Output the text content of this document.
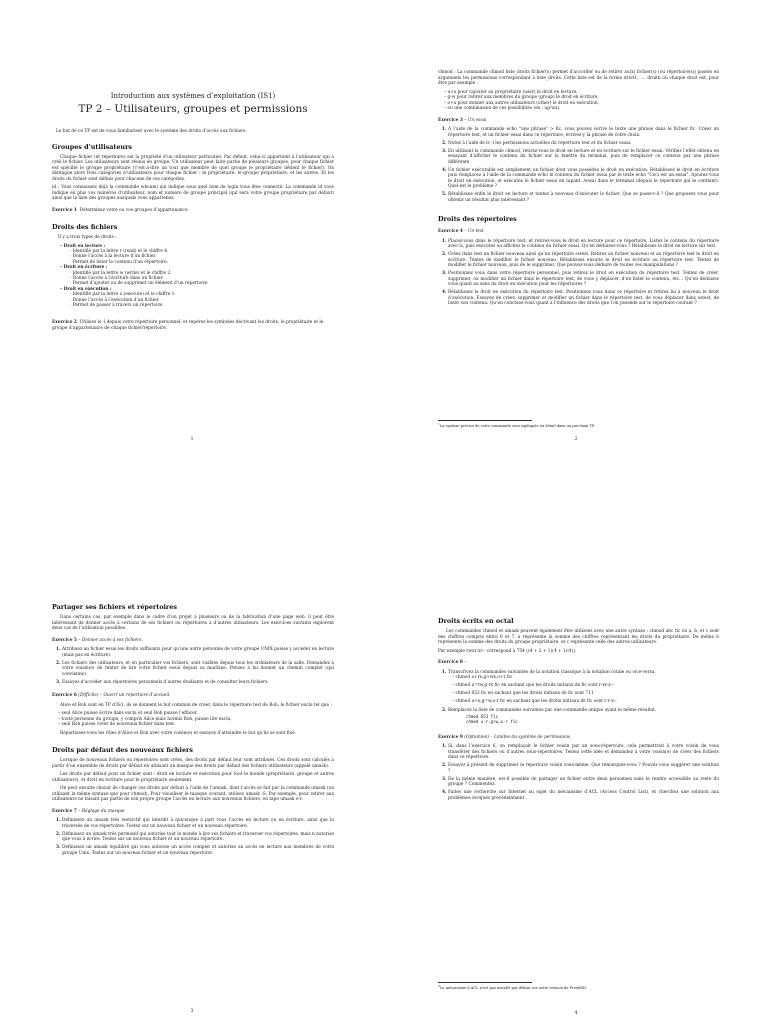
Introduction aux systèmes d’exploitation (IS1)
TP 2 – Utilisateurs, groupes et permissions
Le but de ce TP est de vous familiariser avec le système des droits d’accès aux fichiers.
Groupes d’utilisateurs

Chaque fichier (et répertoire) est la propriété d’un utilisateur particulier. Par défaut, celui-ci appartient à l’utilisateur qui a créé le fichier. Les utilisateurs sont réunis en groupe. Un utilisateur peut faire partie de plusieurs groupes, pour chaque fichier est spécifié le groupe propriétaire (c’est-à-dire un tout que membre de quel groupe le propriétaire détient le fichier). On distingue alors trois catégories d’utilisateurs pour chaque fichier : le propriétaire, le groupe propriétaire, et les autres. Et les droits du fichier sont définis pour chacune de ces catégories.

id : Vous connaissez déjà la commande whoami qui indique sous quel nom de login vous êtes connecté. La commande id vous indique en plus vos numéros d’utilisateur, nom et numéro de groupe principal (qui sera votre groupe propriétaire par défaut) ainsi que la liste des groupes auxquels vous appartenez.

Exercice 1 Déterminez votre ou vos groupes d’appartenance.
Droits des fichiers

Il y a trois types de droits :

– Droit en lecture :
· Identifié par la lettre r (read) et le chiffre 4.
· Donne l’accès à la lecture d’un fichier.
· Permet de lister le contenu d’un répertoire.
– Droit en écriture :
· Identifié par la lettre w (write) et le chiffre 2.
· Donne l’accès à l’écriture dans un fichier.
· Permet d’ajouter ou de supprimer un élément d’un répertoire.
– Droit en exécution :
· Identifié par la lettre x (execute) et le chiffre 1.
· Donne l’accès à l’exécution d’un fichier.
· Permet de passer à travers un répertoire.
Exercice 2 Utilisez ls -l depuis votre répertoire personnel, et repérez les symboles décrivant les droits, le propriétaire et le groupe d’appartenance de chaque fichier/répertoire.
1

chmod : La commande chmod liste_droits fichier(s) permet d’accorder ou de retirer au(x) fichier(s) (ou répertoire(s)) passés en arguments les permissions correspondant à liste_droits. Cette liste est de la forme droit1, ..., droitn où chaque droit est, pour être par exemple :

– u+x pour rajouter au propriétaire (user) le droit en lecture,
– g-w pour retirer aux membres du groupe (group) le droit en écriture,
– o+x pour donner aux autres utilisateurs (other) le droit en exécution,
– ou une combinaison de ces possibilités (ex : ug-wx).
Exercice 3 – Un essai
1. À l’aide de la commande echo "une phrase" > fic, vous pouvez écrire le texte une phrase dans le fichier fic. Créez un répertoire test, et un fichier essai dans ce répertoire, écrivez-y la phrase de votre choix.
2. Notez à l’aide de ls -l les permissions actuelles du répertoire test et du fichier essai.
3. En utilisant la commande chmod, retirez-vous le droit en lecture et en écriture sur le fichier essai. Vérifiez l’effet obtenu en essayant d’afficher le contenu du fichier sur la fenêtre du terminal, puis de remplacer ce contenu par une phrase différente.
4. Un fichier exécutable est simplement un fichier dont vous possédez le droit en exécution. Rétablissez le droit en écriture puis remplacez à l’aide de la commande echo le contenu du fichier essai par le texte echo "Ceci est un essai". Ajoutez-vous le droit en exécution, et exécutez le fichier essai en tapant ./essai dans le terminal (depuis le répertoire qui le contient). Quel est le problème ?
5. Rétablissez enfin le droit en lecture et tentez à nouveau d’exécuter le fichier. Que se passe-t-il ? Que proposez vous pour obtenir un résultat plus intéressant ?
Droits des répertoires
Exercice 4 – Un test
1. Placez-vous dans le répertoire test, et retirez-vous le droit en lecture pour ce répertoire. Listez le contenu du répertoire avec ls, puis exécutez ou affichez le contenu du fichier essai. Qu’en déduisez-vous ? Rétablissez le droit en lecture sur test.
2. Créez dans test un fichier nouveau ainsi qu’un répertoire sstest. Retirez au fichier nouveau et au répertoire test le droit en écriture. Tentez de modifier le fichier nouveau. Rétablissez ensuite le droit en écriture au répertoire test. Tentez de modifier le fichier nouveau, puis de le supprimer. Que pouvez-vous déduire de toutes ces manipulations ?
3. Positionnez vous dans votre répertoire personnel, puis retirez le droit en exécution du répertoire test. Tentez de créer, supprimer, ou modifier un fichier dans le répertoire test, de vous y déplacer, d’en lister le contenu, etc... Qu’en déduisez vous quant au sens du droit en exécution pour les répertoires ?
4. Rétablissez le droit en exécution du répertoire test. Positionnez vous dans ce répertoire et retirez lui à nouveau le droit d’exécution. Essayez de créer, supprimer et modifier un fichier dans le répertoire test, de vous déplacer dans sstest, de lister son contenu. Qu’en concluez-vous quant à l’influence des droits que l’on possède sur le répertoire courant ?
$^1$La syntaxe précise de cette commande sera expliquée en détail dans un prochain TP.
2
Partager ses fichiers et répertoires

Dans certains cas, par exemple dans le cadre d’un projet à plusieurs ou de la fabrication d’une page web, il peut être intéressant de donner accès à certains de ses fichiers ou répertoires à d’autres utilisateurs. Les exercices suivants explorent deux cas de l’utilisation possibles.

Exercice 5 – Donner accès à ses fichiers.
1. Attribuez au fichier essai les droits suffisants pour qu’une autre personne de votre groupe UNIX puisse y accéder en lecture (mais pas en écriture).
2. Les fichiers des utilisateurs, et en particulier vos fichiers, sont visibles depuis tous les ordinateurs de la salle. Demandez à votre voisin(e) de tenter de lire votre fichier essai depuis sa machine. Pensez à lui donner un chemin complet (qui convienne).
3. Essayez d’accéder aux répertoires personnels d’autres étudiants et de consulter leurs fichiers.
Exercice 6 (Difficile) – Ouvrir un répertoire d’accueil.

Alice et Bob sont en TP d’IS1, ils se donnent le but commun de créer, dans le répertoire test de Bob, le fichier exclu tel que :

– seul Alice puisse écrire dans exclu et seul Bob puisse l’effacer.
– toute personne du groupe, y compris Alice mais hormis Bob, puisse lire exclu,
– seul Bob puisse créer de nouveaux fichier dans test.

Répartissez-vous les rôles d’Alice et Bob avec votre voisin(e) et essayez d’atteindre le but qu’ils se sont fixé.

Droits par défaut des nouveaux fichiers

Lorsque de nouveaux fichiers ou répertoires sont créés, des droits par défaut leur sont attribués. Ces droits sont calculés à partir d’un ensemble de droits par défaut en utilisant un masque des droits par défaut des fichiers utilisateurs (appelé umask).

Les droits par défaut pour un fichier sont : droit en lecture et exécution pour tout le monde (propriétaire, groupe et autres utilisateurs), et droit en écriture pour le propriétaire seulement.

On peut ensuite choisir de changer ces droits par défaut à l’aide de l’umask, dont l’accès se fait par la commande umask (on utilisant la même syntaxe que pour chmod). Pour visualiser le masque courant, utilisez umask -S. Par exemple, pour retirer aux utilisateurs ne faisant pas partie de son propre groupe l’accès en lecture aux nouveaux fichiers, on tape umask o-r.

Exercice 7 – Réglage du masque
1. Définissez un umask très restrictif qui interdit à quiconque à part vous l’accès en lecture ou en écriture, ainsi que la traversée de vos répertoires. Testez sur un nouveau fichier et un nouveau répertoire.
2. Définissez un umask très permissif qui autorise tout le monde à lire vos fichiers et traverser vos répertoires, mais n’autorise que vous à écrire. Testez sur un nouveau fichier et un nouveau répertoire.
3. Définissez un umask équilibré qui vous autorise un accès complet et autorise un accès en lecture aux membres de votre groupe Unix. Testez sur un nouveau fichier et un nouveau répertoire.
3
Droits écrits en octal

Les commandes chmod et umask peuvent également être utilisées avec une autre syntaxe : chmod abc fic où a, b, et c sont des chiffres compris entre 0 et 7. a représente la somme des chiffres représentant les droits du propriétaire. De même b représente la somme des droits du groupe propriétaire, et c représente celle des autres utilisateurs.

Par exemple rwxr-xr-- correspond à 754 ((4 + 2 + 1)(4 + 1)(4)).

Exercice 8 –
1. Transcrivez la commandes suivantes de la notation classique à la notation octale ou vice-versa,
– chmod a+rx,g+wx,o+r fic
– chmod u=rw,g-rx fic en sachant que les droits initiaux de fic sont r-xr-x--
– chmod 653 fic en sachant que les droits initiaux de fic sont 711
– chmod u+x,g=w,o-r fic en sachant que les droits initiaux de fic sont r-r-x--
2. Remplacez la liste de commandes suivantes par une commande unique ayant le même résultat.
chmod 653 fic
chmod u-r,g+w,o-r fic
Exercice 9 (Optionnel) – Limites du système de permissions
1. Si, dans l’exercice 6, on remplaçait le fichier voisin par un sous-répertoire, cela permettrait à votre voisin de vous transférer des fichiers ou d’autres sous-répertoires. Testez cette idée et demandez à votre voisin(e) de créer des fichiers dans ce répertoire.
2. Essayez à présent de supprimer le répertoire voisin vous-même. Que remarquez-vous ? Pouvez vous suggérer une solution ?
3. De la même manière, est-il possible de partager un fichier entre deux personnes sans le rendre accessible au reste du groupe ? Commentez.
4. Faites une recherche sur Internet au sujet du mécanisme d’ACL (Access Control List), et cherchez une solution aux problèmes évoqués précédemment.
$^2$Le mécanisme d’ACL n’est pas installé par défaut sur notre version de FreeBSD.
4
